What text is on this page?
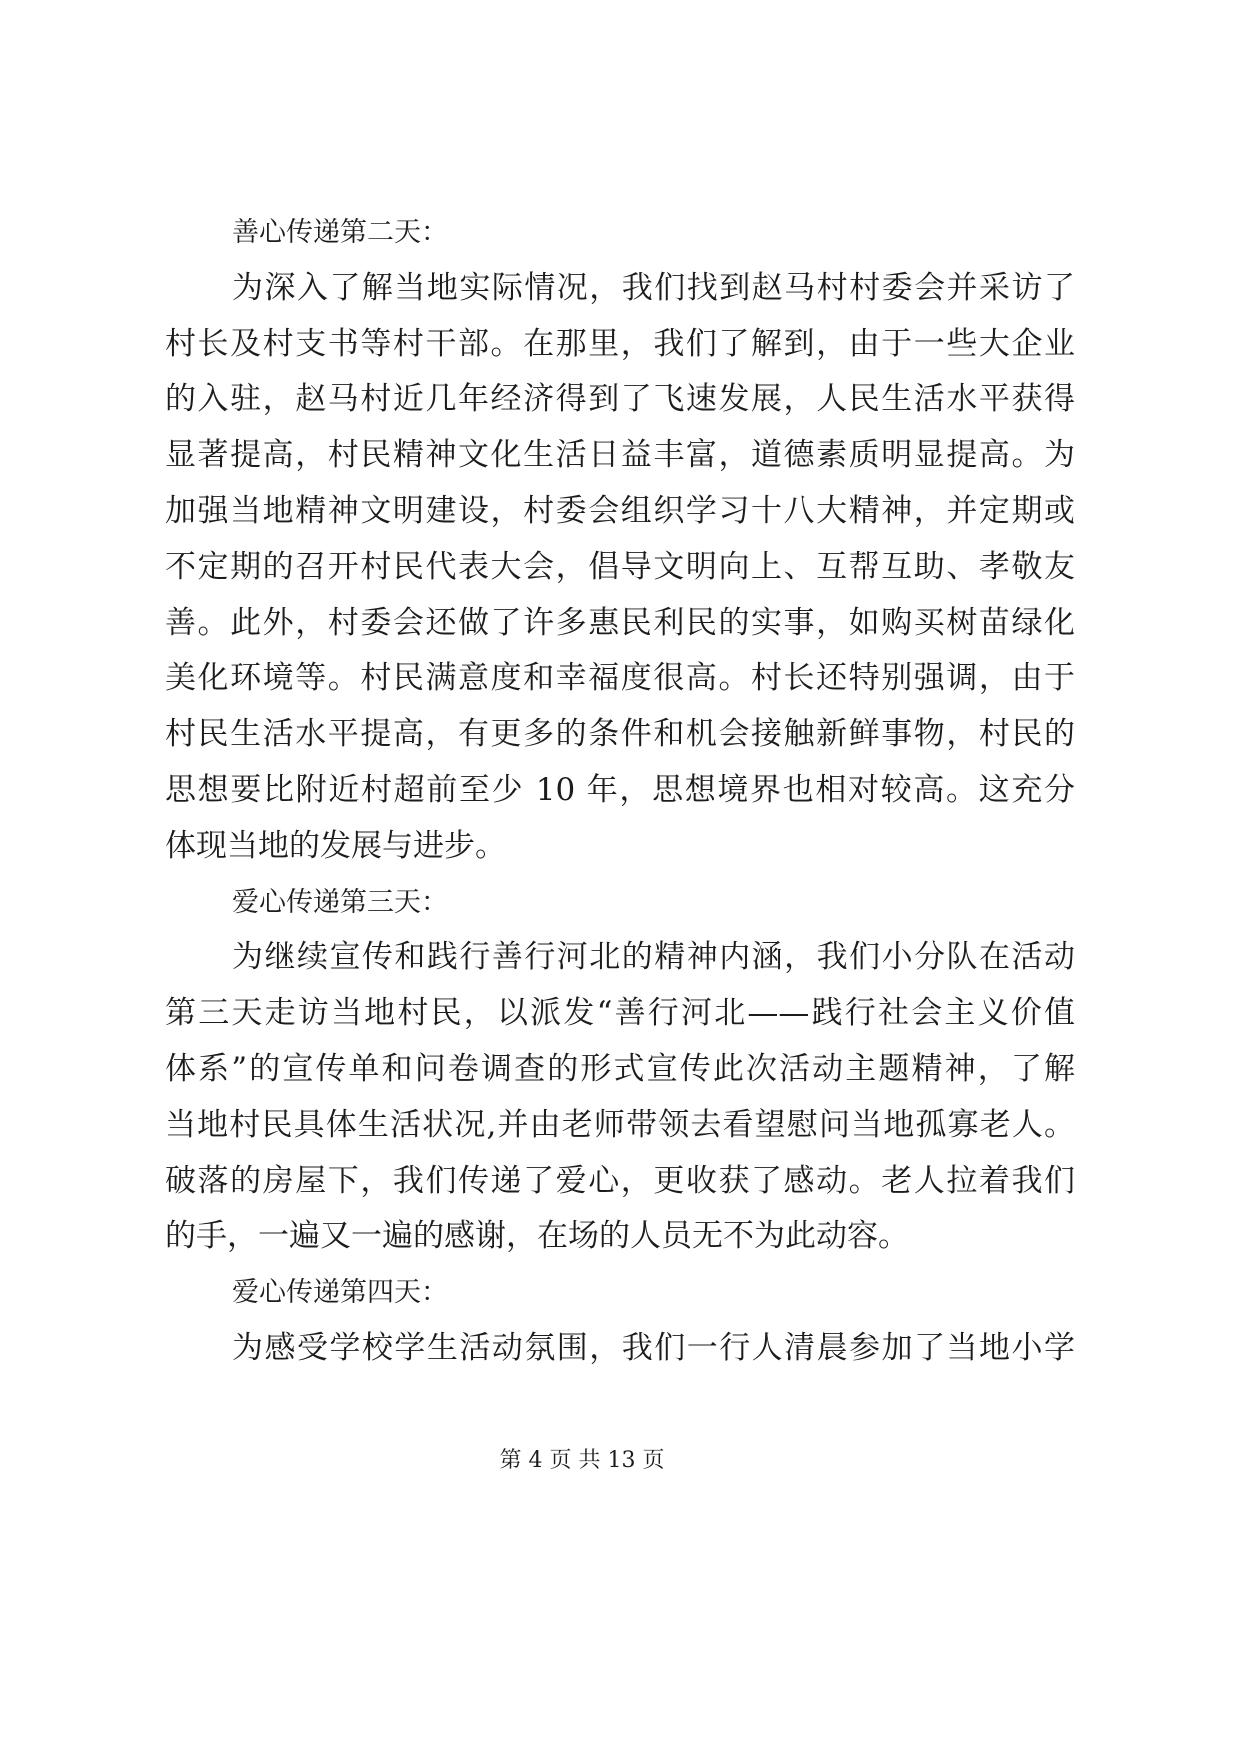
善心传递第二天：
为深入了解当地实际情况，我们找到赵马村村委会并采访了
村长及村支书等村干部。在那里，我们了解到，由于一些大企业
的入驻，赵马村近几年经济得到了飞速发展，人民生活水平获得
显著提高，村民精神文化生活日益丰富，道德素质明显提高。为
加强当地精神文明建设，村委会组织学习十八大精神，并定期或
不定期的召开村民代表大会，倡导文明向上、互帮互助、孝敬友
善。此外，村委会还做了许多惠民利民的实事，如购买树苗绿化
美化环境等。村民满意度和幸福度很高。村长还特别强调，由于
村民生活水平提高，有更多的条件和机会接触新鲜事物，村民的
思想要比附近村超前至少 10 年，思想境界也相对较高。这充分
体现当地的发展与进步。
爱心传递第三天：
为继续宣传和践行善行河北的精神内涵，我们小分队在活动
第三天走访当地村民，以派发“善行河北——践行社会主义价值
体系”的宣传单和问卷调查的形式宣传此次活动主题精神，了解
当地村民具体生活状况,并由老师带领去看望慰问当地孤寡老人。
破落的房屋下，我们传递了爱心，更收获了感动。老人拉着我们
的手，一遍又一遍的感谢，在场的人员无不为此动容。
爱心传递第四天：
为感受学校学生活动氛围，我们一行人清晨参加了当地小学
第 4 页 共 13 页
